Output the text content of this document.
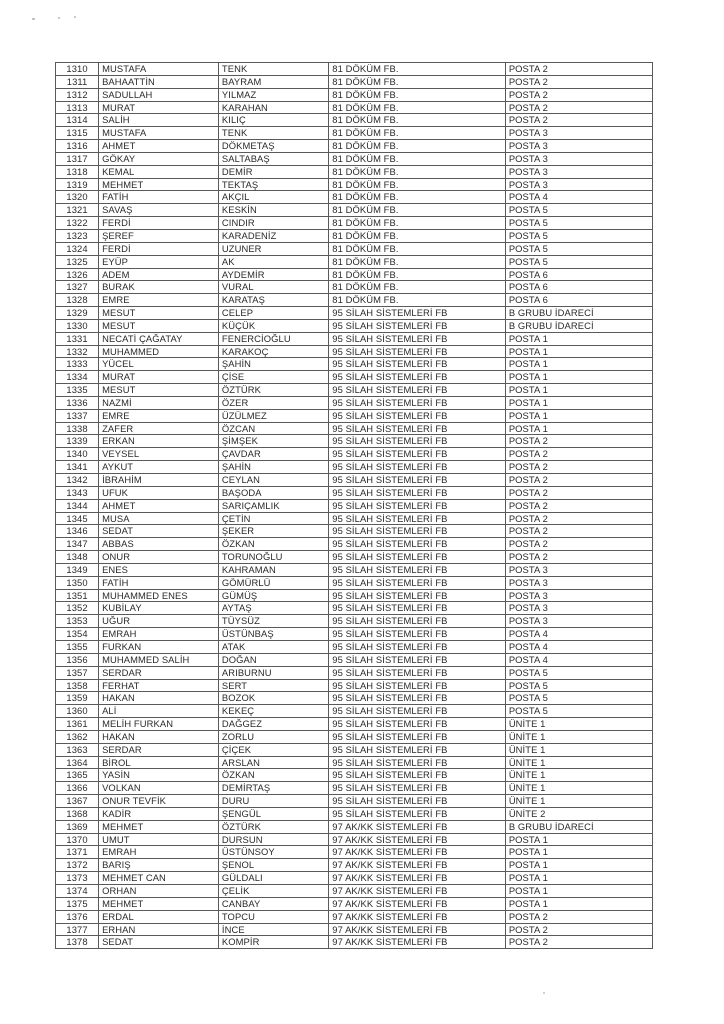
1310	MUSTAFA	TENK	81 DÖKÜM FB.	POSTA 2
1311	BAHAATTİN	BAYRAM	81 DÖKÜM FB.	POSTA 2
1312	SADULLAH	YILMAZ	81 DÖKÜM FB.	POSTA 2
1313	MURAT	KARAHAN	81 DÖKÜM FB.	POSTA 2
1314	SALİH	KILIÇ	81 DÖKÜM FB.	POSTA 2
1315	MUSTAFA	TENK	81 DÖKÜM FB.	POSTA 3
1316	AHMET	DÖKMETAŞ	81 DÖKÜM FB.	POSTA 3
1317	GÖKAY	SALTABAŞ	81 DÖKÜM FB.	POSTA 3
1318	KEMAL	DEMİR	81 DÖKÜM FB.	POSTA 3
1319	MEHMET	TEKTAŞ	81 DÖKÜM FB.	POSTA 3
1320	FATİH	AKÇIL	81 DÖKÜM FB.	POSTA 4
1321	SAVAŞ	KESKİN	81 DÖKÜM FB.	POSTA 5
1322	FERDİ	CINDIR	81 DÖKÜM FB.	POSTA 5
1323	ŞEREF	KARADENİZ	81 DÖKÜM FB.	POSTA 5
1324	FERDİ	UZUNER	81 DÖKÜM FB.	POSTA 5
1325	EYÜP	AK	81 DÖKÜM FB.	POSTA 5
1326	ADEM	AYDEMİR	81 DÖKÜM FB.	POSTA 6
1327	BURAK	VURAL	81 DÖKÜM FB.	POSTA 6
1328	EMRE	KARATAŞ	81 DÖKÜM FB.	POSTA 6
1329	MESUT	CELEP	95 SİLAH SİSTEMLERİ FB	B GRUBU İDARECİ
1330	MESUT	KÜÇÜK	95 SİLAH SİSTEMLERİ FB	B GRUBU İDARECİ
1331	NECATİ ÇAĞATAY	FENERCİOĞLU	95 SİLAH SİSTEMLERİ FB	POSTA 1
1332	MUHAMMED	KARAKOÇ	95 SİLAH SİSTEMLERİ FB	POSTA 1
1333	YÜCEL	ŞAHİN	95 SİLAH SİSTEMLERİ FB	POSTA 1
1334	MURAT	ÇİSE	95 SİLAH SİSTEMLERİ FB	POSTA 1
1335	MESUT	ÖZTÜRK	95 SİLAH SİSTEMLERİ FB	POSTA 1
1336	NAZMİ	ÖZER	95 SİLAH SİSTEMLERİ FB	POSTA 1
1337	EMRE	ÜZÜLMEZ	95 SİLAH SİSTEMLERİ FB	POSTA 1
1338	ZAFER	ÖZCAN	95 SİLAH SİSTEMLERİ FB	POSTA 1
1339	ERKAN	ŞİMŞEK	95 SİLAH SİSTEMLERİ FB	POSTA 2
1340	VEYSEL	ÇAVDAR	95 SİLAH SİSTEMLERİ FB	POSTA 2
1341	AYKUT	ŞAHİN	95 SİLAH SİSTEMLERİ FB	POSTA 2
1342	İBRAHİM	CEYLAN	95 SİLAH SİSTEMLERİ FB	POSTA 2
1343	UFUK	BAŞODA	95 SİLAH SİSTEMLERİ FB	POSTA 2
1344	AHMET	SARIÇAMLIK	95 SİLAH SİSTEMLERİ FB	POSTA 2
1345	MUSA	ÇETİN	95 SİLAH SİSTEMLERİ FB	POSTA 2
1346	SEDAT	ŞEKER	95 SİLAH SİSTEMLERİ FB	POSTA 2
1347	ABBAS	ÖZKAN	95 SİLAH SİSTEMLERİ FB	POSTA 2
1348	ONUR	TORUNOĞLU	95 SİLAH SİSTEMLERİ FB	POSTA 2
1349	ENES	KAHRAMAN	95 SİLAH SİSTEMLERİ FB	POSTA 3
1350	FATİH	GÖMÜRLÜ	95 SİLAH SİSTEMLERİ FB	POSTA 3
1351	MUHAMMED ENES	GÜMÜŞ	95 SİLAH SİSTEMLERİ FB	POSTA 3
1352	KUBİLAY	AYTAŞ	95 SİLAH SİSTEMLERİ FB	POSTA 3
1353	UĞUR	TÜYSÜZ	95 SİLAH SİSTEMLERİ FB	POSTA 3
1354	EMRAH	ÜSTÜNBAŞ	95 SİLAH SİSTEMLERİ FB	POSTA 4
1355	FURKAN	ATAK	95 SİLAH SİSTEMLERİ FB	POSTA 4
1356	MUHAMMED SALİH	DOĞAN	95 SİLAH SİSTEMLERİ FB	POSTA 4
1357	SERDAR	ARIBURNU	95 SİLAH SİSTEMLERİ FB	POSTA 5
1358	FERHAT	SERT	95 SİLAH SİSTEMLERİ FB	POSTA 5
1359	HAKAN	BOZOK	95 SİLAH SİSTEMLERİ FB	POSTA 5
1360	ALİ	KEKEÇ	95 SİLAH SİSTEMLERİ FB	POSTA 5
1361	MELİH FURKAN	DAĞGEZ	95 SİLAH SİSTEMLERİ FB	ÜNİTE 1
1362	HAKAN	ZORLU	95 SİLAH SİSTEMLERİ FB	ÜNİTE 1
1363	SERDAR	ÇİÇEK	95 SİLAH SİSTEMLERİ FB	ÜNİTE 1
1364	BİROL	ARSLAN	95 SİLAH SİSTEMLERİ FB	ÜNİTE 1
1365	YASİN	ÖZKAN	95 SİLAH SİSTEMLERİ FB	ÜNİTE 1
1366	VOLKAN	DEMİRTAŞ	95 SİLAH SİSTEMLERİ FB	ÜNİTE 1
1367	ONUR TEVFİK	DURU	95 SİLAH SİSTEMLERİ FB	ÜNİTE 1
1368	KADİR	ŞENGÜL	95 SİLAH SİSTEMLERİ FB	ÜNİTE 2
1369	MEHMET	ÖZTÜRK	97 AK/KK SİSTEMLERİ FB	B GRUBU İDARECİ
1370	UMUT	DURSUN	97 AK/KK SİSTEMLERİ FB	POSTA 1
1371	EMRAH	ÜSTÜNSOY	97 AK/KK SİSTEMLERİ FB	POSTA 1
1372	BARIŞ	ŞENOL	97 AK/KK SİSTEMLERİ FB	POSTA 1
1373	MEHMET CAN	GÜLDALI	97 AK/KK SİSTEMLERİ FB	POSTA 1
1374	ORHAN	ÇELİK	97 AK/KK SİSTEMLERİ FB	POSTA 1
1375	MEHMET	CANBAY	97 AK/KK SİSTEMLERİ FB	POSTA 1
1376	ERDAL	TOPCU	97 AK/KK SİSTEMLERİ FB	POSTA 2
1377	ERHAN	İNCE	97 AK/KK SİSTEMLERİ FB	POSTA 2
1378	SEDAT	KOMPİR	97 AK/KK SİSTEMLERİ FB	POSTA 2
